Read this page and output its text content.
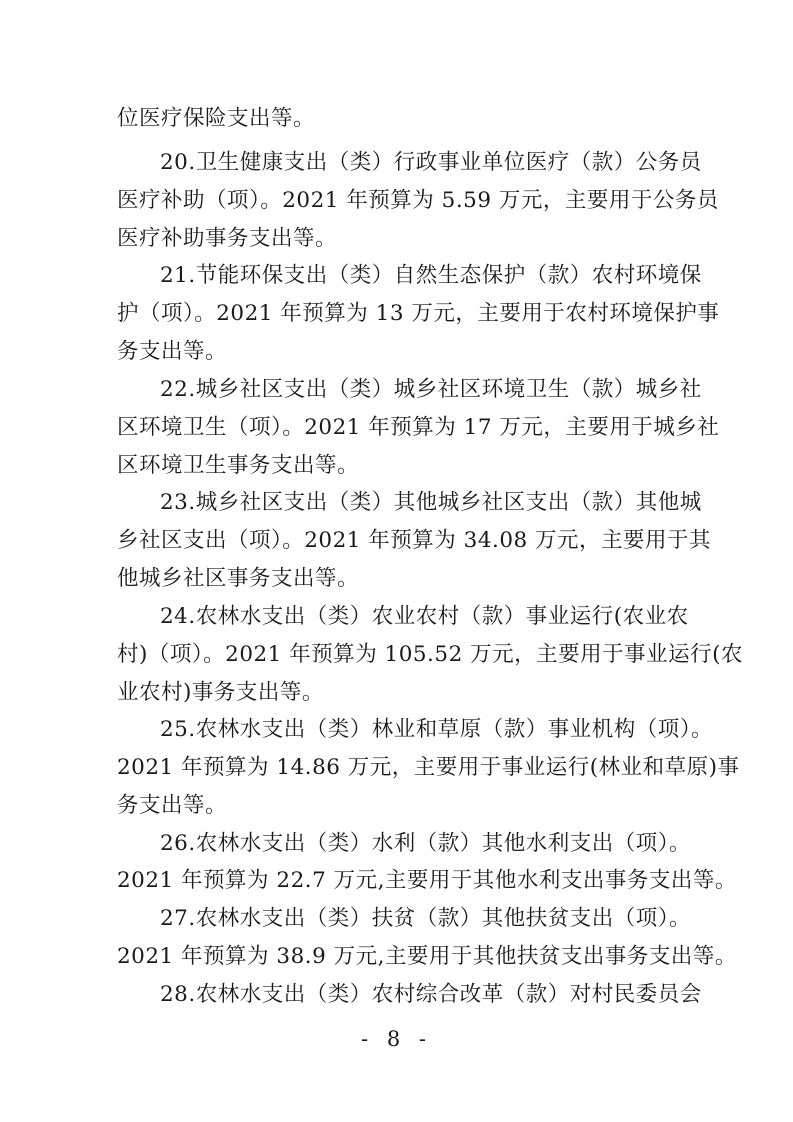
位医疗保险支出等。
20.卫生健康支出（类）行政事业单位医疗（款）公务员
医疗补助（项）。2021 年预算为 5.59 万元，主要用于公务员
医疗补助事务支出等。
21.节能环保支出（类）自然生态保护（款）农村环境保
护（项）。2021 年预算为 13 万元，主要用于农村环境保护事
务支出等。
22.城乡社区支出（类）城乡社区环境卫生（款）城乡社
区环境卫生（项）。2021 年预算为 17 万元，主要用于城乡社
区环境卫生事务支出等。
23.城乡社区支出（类）其他城乡社区支出（款）其他城
乡社区支出（项）。2021 年预算为 34.08 万元，主要用于其
他城乡社区事务支出等。
24.农林水支出（类）农业农村（款）事业运行(农业农
村)（项）。2021 年预算为 105.52 万元，主要用于事业运行(农
业农村)事务支出等。
25.农林水支出（类）林业和草原（款）事业机构（项）。
2021 年预算为 14.86 万元，主要用于事业运行(林业和草原)事
务支出等。
26.农林水支出（类）水利（款）其他水利支出（项）。
2021 年预算为 22.7 万元,主要用于其他水利支出事务支出等。
27.农林水支出（类）扶贫（款）其他扶贫支出（项）。
2021 年预算为 38.9 万元,主要用于其他扶贫支出事务支出等。
28.农林水支出（类）农村综合改革（款）对村民委员会
- 8 -
